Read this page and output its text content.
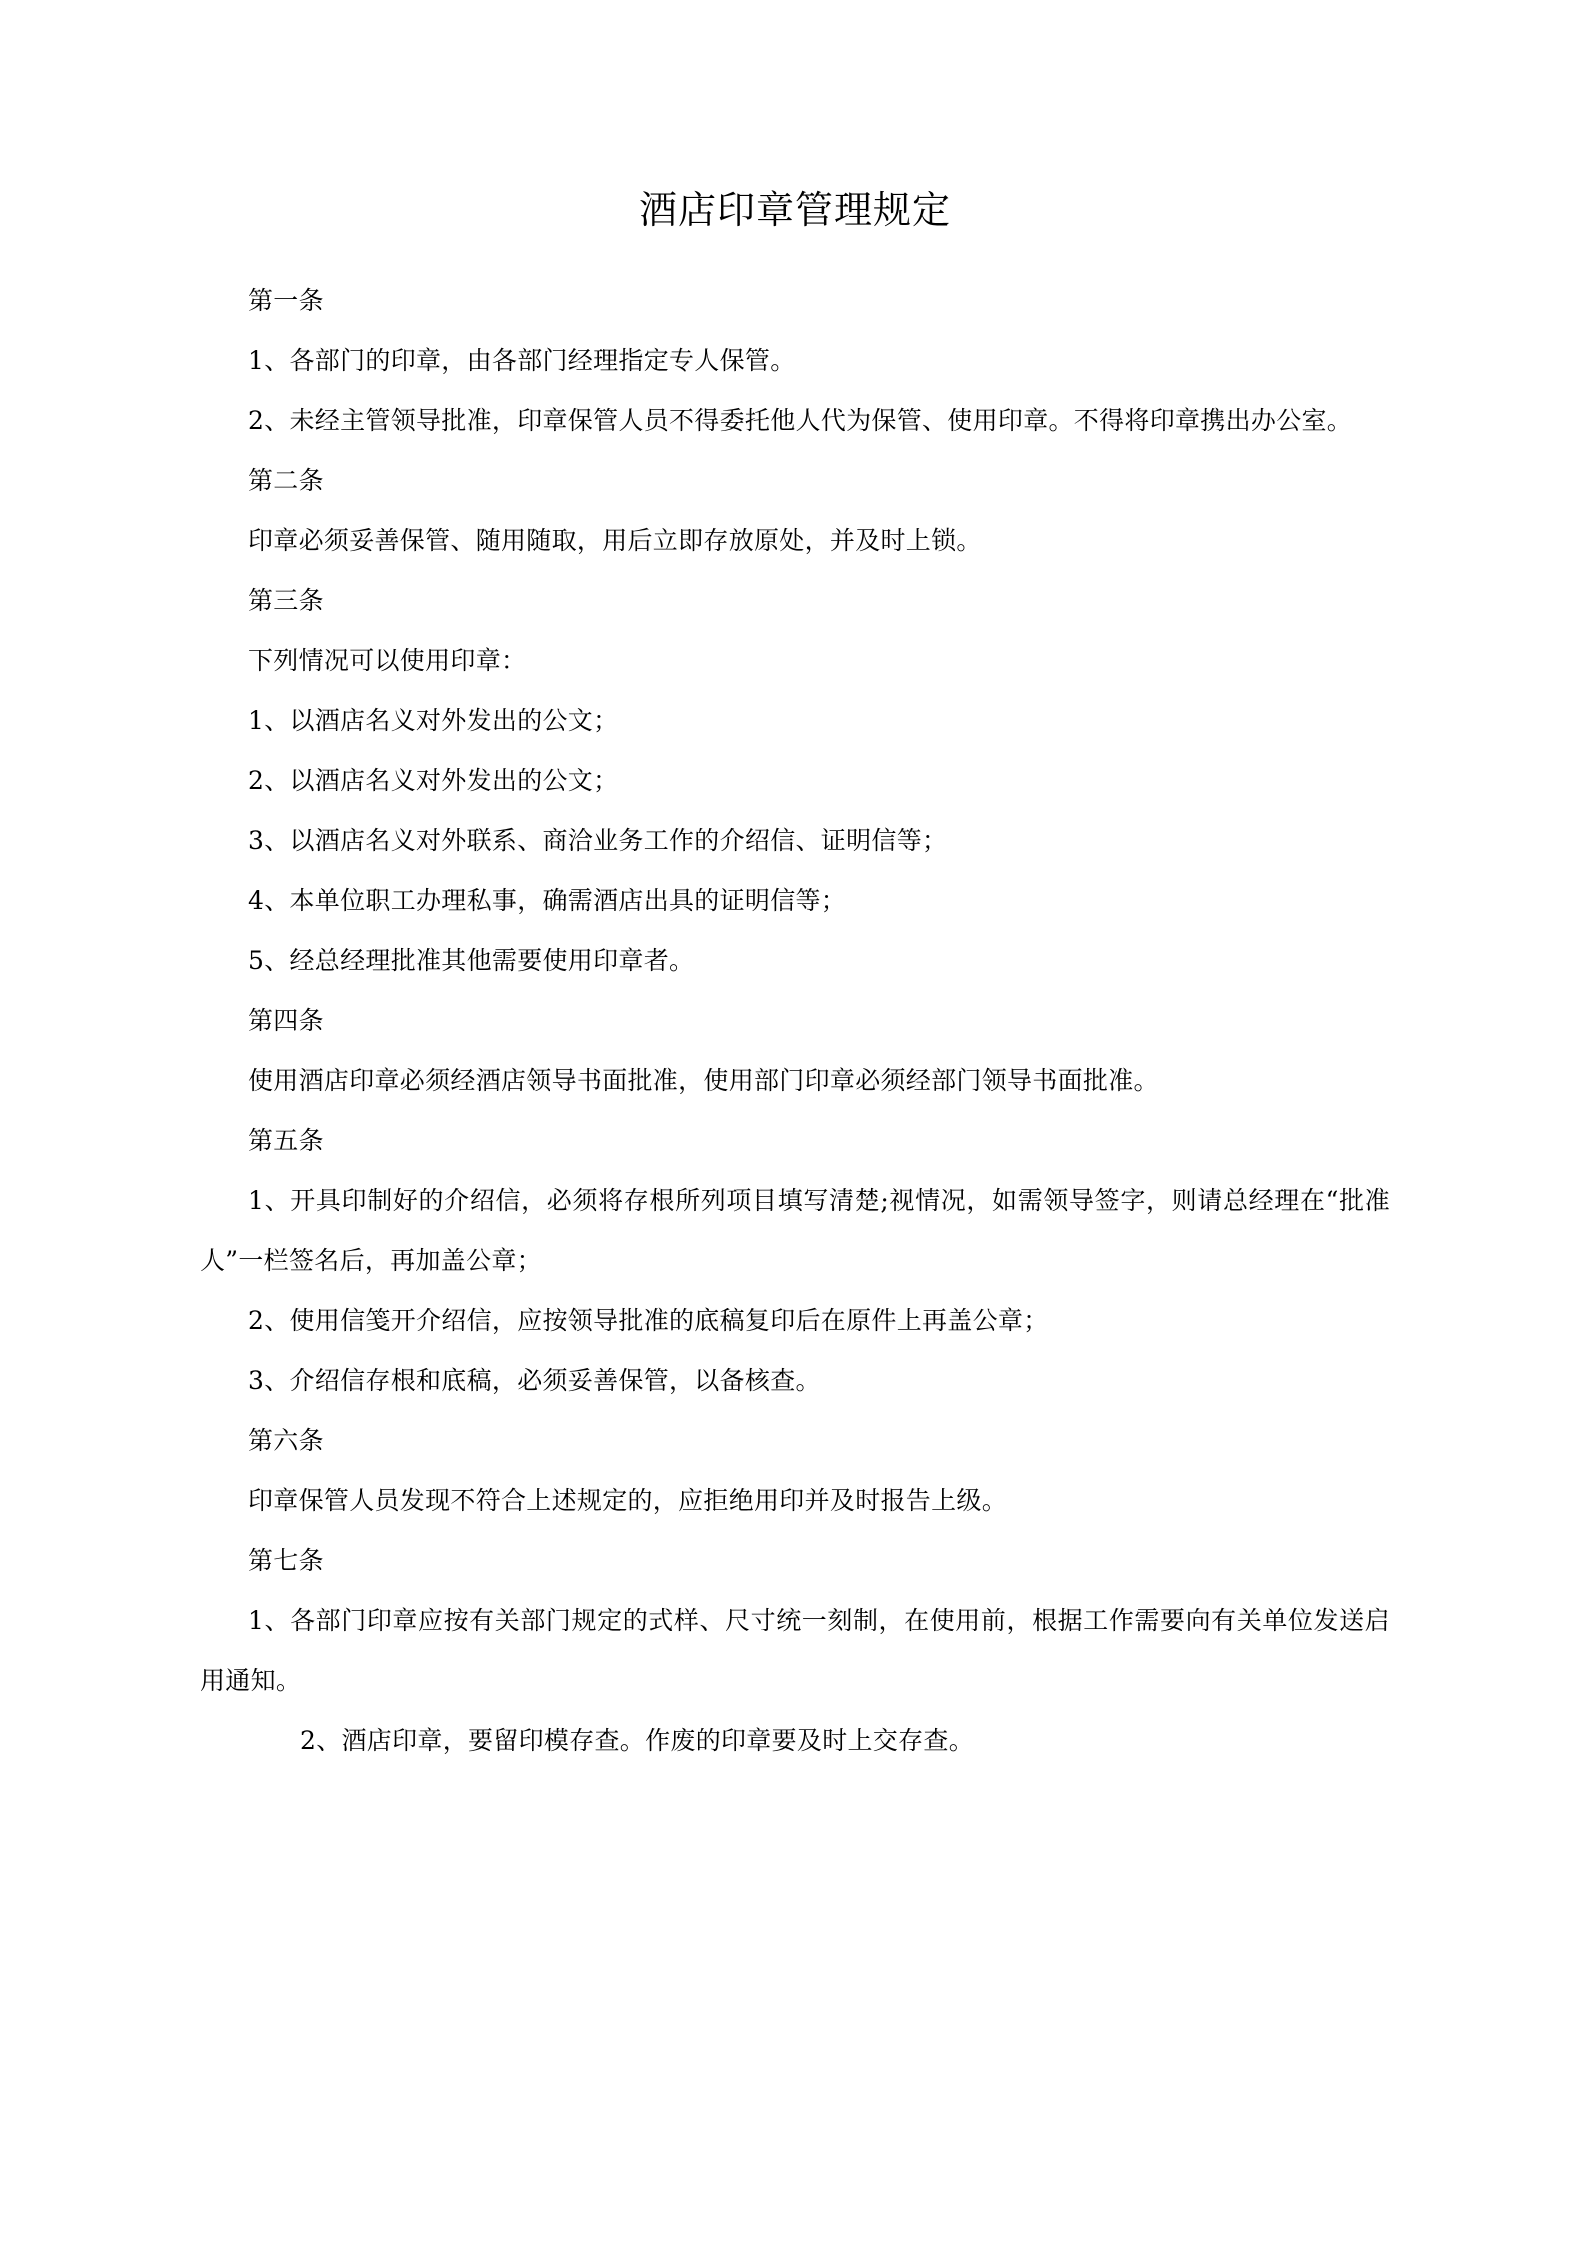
酒店印章管理规定

第一条

1、各部门的印章，由各部门经理指定专人保管。

2、未经主管领导批准，印章保管人员不得委托他人代为保管、使用印章。不得将印章携出办公室。

第二条

印章必须妥善保管、随用随取，用后立即存放原处，并及时上锁。

第三条

下列情况可以使用印章：

1、以酒店名义对外发出的公文；

2、以酒店名义对外发出的公文；

3、以酒店名义对外联系、商洽业务工作的介绍信、证明信等；

4、本单位职工办理私事，确需酒店出具的证明信等；

5、经总经理批准其他需要使用印章者。

第四条

使用酒店印章必须经酒店领导书面批准，使用部门印章必须经部门领导书面批准。

第五条

1、开具印制好的介绍信，必须将存根所列项目填写清楚;视情况，如需领导签字，则请总经理在“批准人”一栏签名后，再加盖公章；

2、使用信笺开介绍信，应按领导批准的底稿复印后在原件上再盖公章；

3、介绍信存根和底稿，必须妥善保管，以备核查。

第六条

印章保管人员发现不符合上述规定的，应拒绝用印并及时报告上级。

第七条

1、各部门印章应按有关部门规定的式样、尺寸统一刻制，在使用前，根据工作需要向有关单位发送启用通知。

2、酒店印章，要留印模存查。作废的印章要及时上交存查。
